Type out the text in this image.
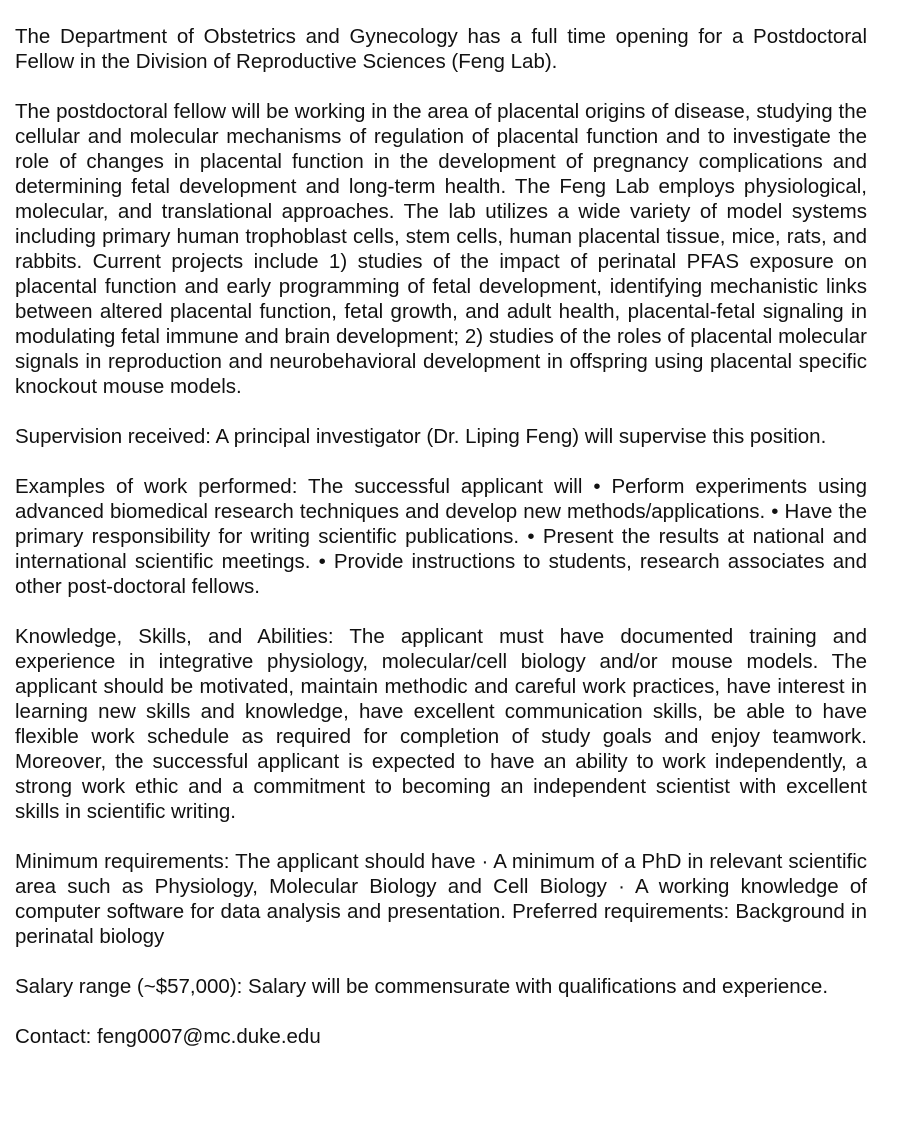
The Department of Obstetrics and Gynecology has a full time opening for a Postdoctoral Fellow in the Division of Reproductive Sciences (Feng Lab).

The postdoctoral fellow will be working in the area of placental origins of disease, studying the cellular and molecular mechanisms of regulation of placental function and to investigate the role of changes in placental function in the development of pregnancy complications and determining fetal development and long-term health. The Feng Lab employs physiological, molecular, and translational approaches. The lab utilizes a wide variety of model systems including primary human trophoblast cells, stem cells, human placental tissue, mice, rats, and rabbits. Current projects include 1) studies of the impact of perinatal PFAS exposure on placental function and early programming of fetal development, identifying mechanistic links between altered placental function, fetal growth, and adult health, placental-fetal signaling in modulating fetal immune and brain development; 2) studies of the roles of placental molecular signals in reproduction and neurobehavioral development in offspring using placental specific knockout mouse models.

Supervision received: A principal investigator (Dr. Liping Feng) will supervise this position.

Examples of work performed: The successful applicant will • Perform experiments using advanced biomedical research techniques and develop new methods/applications. • Have the primary responsibility for writing scientific publications. • Present the results at national and international scientific meetings. • Provide instructions to students, research associates and other post-doctoral fellows.

Knowledge, Skills, and Abilities: The applicant must have documented training and experience in integrative physiology, molecular/cell biology and/or mouse models. The applicant should be motivated, maintain methodic and careful work practices, have interest in learning new skills and knowledge, have excellent communication skills, be able to have flexible work schedule as required for completion of study goals and enjoy teamwork. Moreover, the successful applicant is expected to have an ability to work independently, a strong work ethic and a commitment to becoming an independent scientist with excellent skills in scientific writing.

Minimum requirements: The applicant should have · A minimum of a PhD in relevant scientific area such as Physiology, Molecular Biology and Cell Biology · A working knowledge of computer software for data analysis and presentation. Preferred requirements: Background in perinatal biology

Salary range (~$57,000): Salary will be commensurate with qualifications and experience.

Contact: feng0007@mc.duke.edu
